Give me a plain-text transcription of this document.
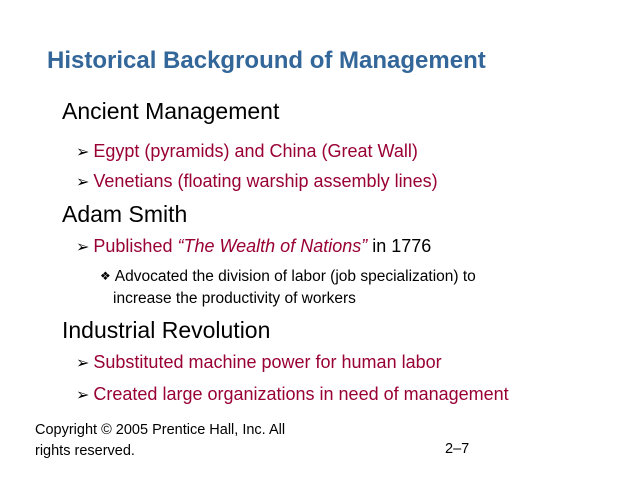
Historical Background of Management
Ancient Management
➢ Egypt (pyramids) and China (Great Wall)
➢ Venetians (floating warship assembly lines)
Adam Smith
➢ Published “The Wealth of Nations” in 1776
❖ Advocated the division of labor (job specialization) to
increase the productivity of workers
Industrial Revolution
➢ Substituted machine power for human labor
➢ Created large organizations in need of management
Copyright © 2005 Prentice Hall, Inc. All
rights reserved.	2–7
